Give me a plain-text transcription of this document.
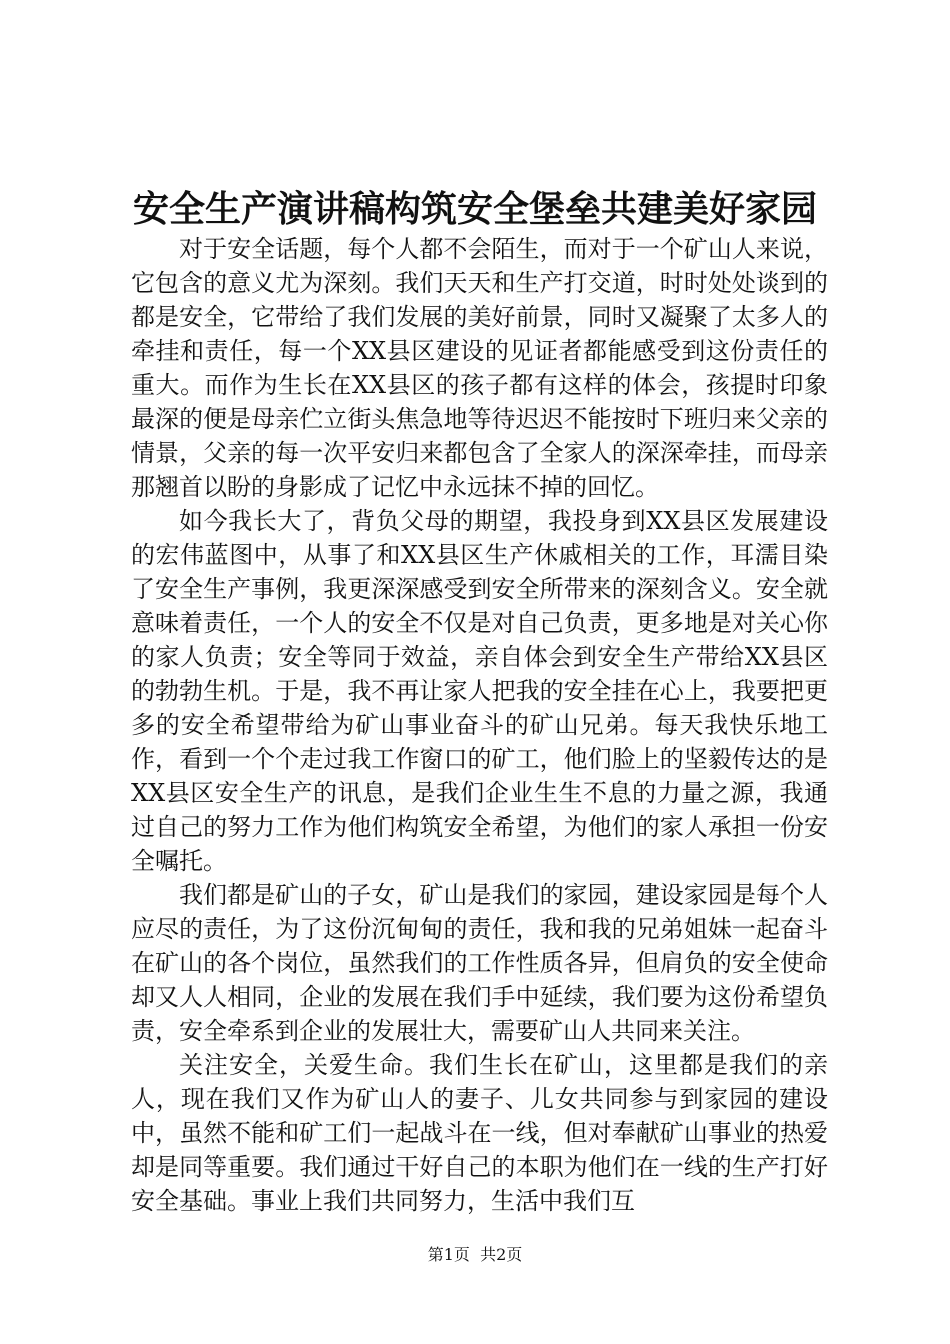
安全生产演讲稿构筑安全堡垒共建美好家园

对于安全话题，每个人都不会陌生，而对于一个矿山人来说，它包含的意义尤为深刻。我们天天和生产打交道，时时处处谈到的都是安全，它带给了我们发展的美好前景，同时又凝聚了太多人的牵挂和责任，每一个XX县区建设的见证者都能感受到这份责任的重大。而作为生长在XX县区的孩子都有这样的体会，孩提时印象最深的便是母亲伫立街头焦急地等待迟迟不能按时下班归来父亲的情景，父亲的每一次平安归来都包含了全家人的深深牵挂，而母亲那翘首以盼的身影成了记忆中永远抹不掉的回忆。

如今我长大了，背负父母的期望，我投身到XX县区发展建设的宏伟蓝图中，从事了和XX县区生产休戚相关的工作，耳濡目染了安全生产事例，我更深深感受到安全所带来的深刻含义。安全就意味着责任，一个人的安全不仅是对自己负责，更多地是对关心你的家人负责；安全等同于效益，亲自体会到安全生产带给XX县区的勃勃生机。于是，我不再让家人把我的安全挂在心上，我要把更多的安全希望带给为矿山事业奋斗的矿山兄弟。每天我快乐地工作，看到一个个走过我工作窗口的矿工，他们脸上的坚毅传达的是XX县区安全生产的讯息，是我们企业生生不息的力量之源，我通过自己的努力工作为他们构筑安全希望，为他们的家人承担一份安全嘱托。

我们都是矿山的子女，矿山是我们的家园，建设家园是每个人应尽的责任，为了这份沉甸甸的责任，我和我的兄弟姐妹一起奋斗在矿山的各个岗位，虽然我们的工作性质各异，但肩负的安全使命却又人人相同，企业的发展在我们手中延续，我们要为这份希望负责，安全牵系到企业的发展壮大，需要矿山人共同来关注。

关注安全，关爱生命。我们生长在矿山，这里都是我们的亲人，现在我们又作为矿山人的妻子、儿女共同参与到家园的建设中，虽然不能和矿工们一起战斗在一线，但对奉献矿山事业的热爱却是同等重要。我们通过干好自己的本职为他们在一线的生产打好安全基础。事业上我们共同努力，生活中我们互

第1页 共2页
